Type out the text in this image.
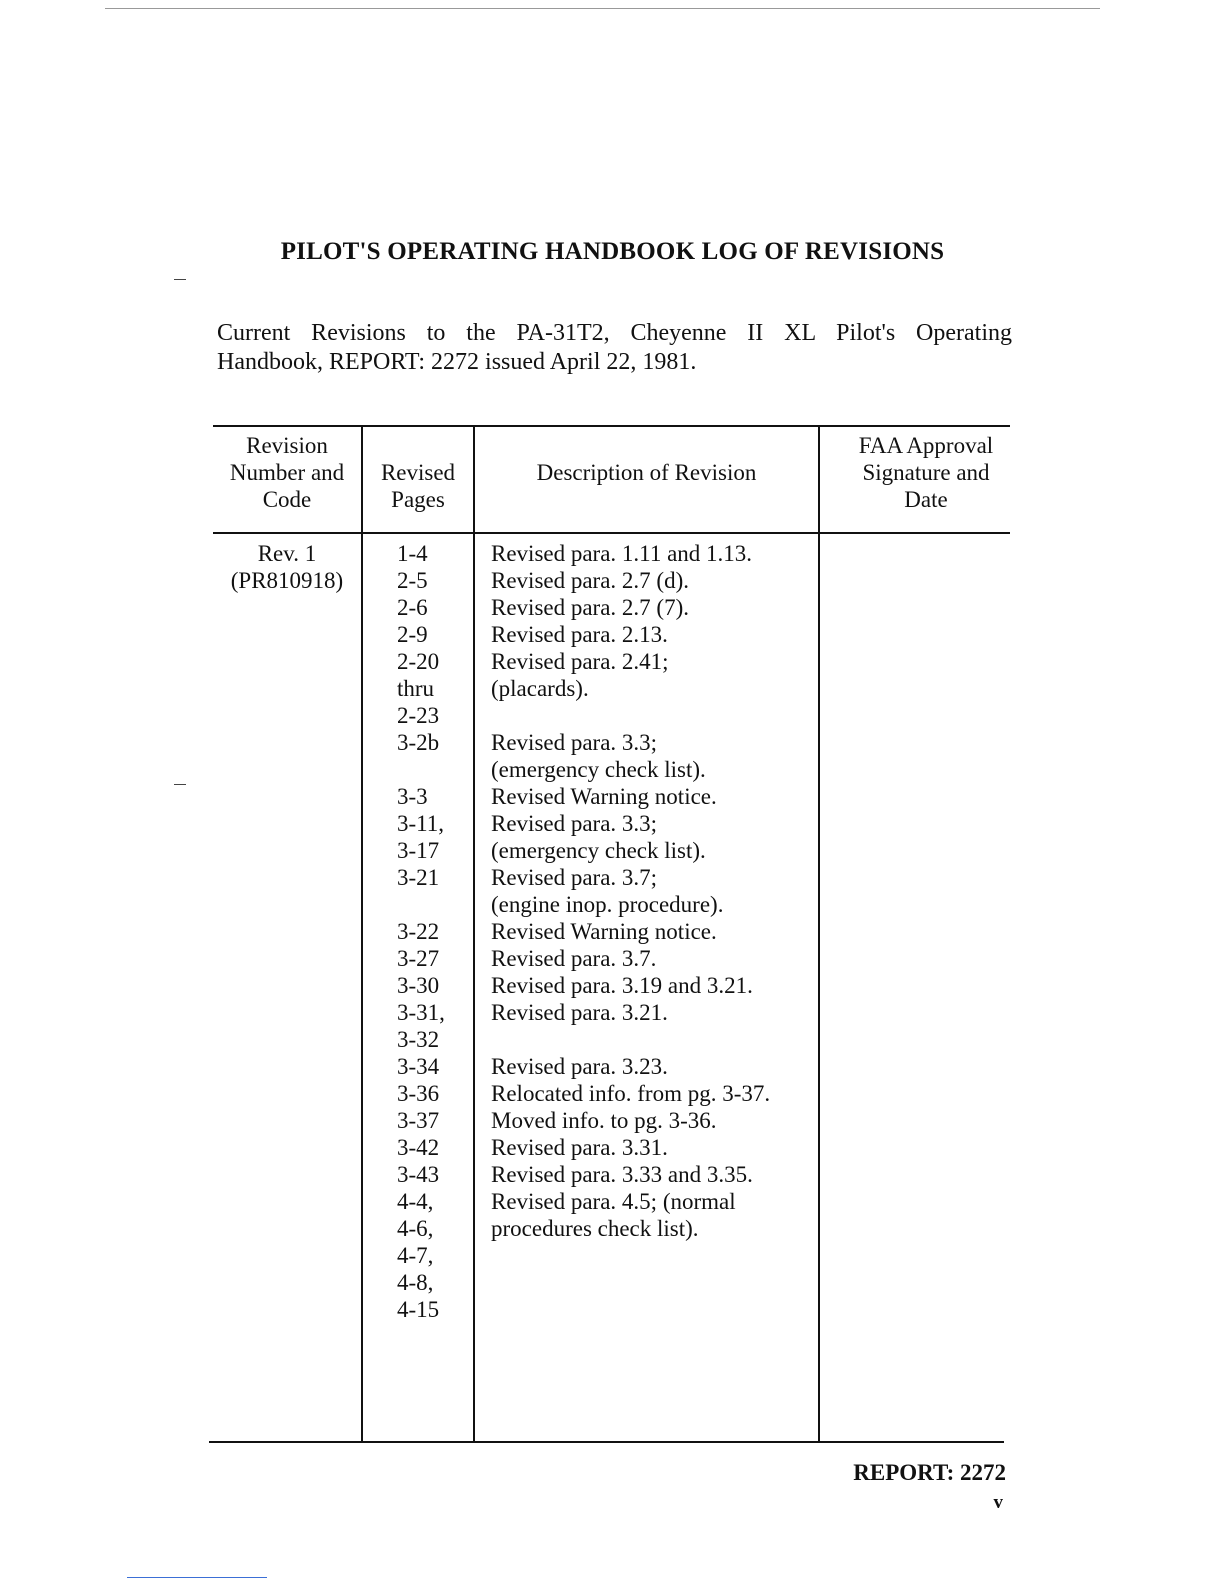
PILOT'S OPERATING HANDBOOK LOG OF REVISIONS
Current Revisions to the PA-31T2, Cheyenne II XL Pilot's Operating
Handbook, REPORT: 2272 issued April 22, 1981.
Revision
Number and
Code
Revised
Pages
Description of Revision
FAA Approval
Signature and
Date
Rev. 1
(PR810918)
1-4
2-5
2-6
2-9
2-20
thru
2-23
3-2b
3-3
3-11,
3-17
3-21
3-22
3-27
3-30
3-31,
3-32
3-34
3-36
3-37
3-42
3-43
4-4,
4-6,
4-7,
4-8,
4-15
Revised para. 1.11 and 1.13.
Revised para. 2.7 (d).
Revised para. 2.7 (7).
Revised para. 2.13.
Revised para. 2.41;
(placards).
Revised para. 3.3;
(emergency check list).
Revised Warning notice.
Revised para. 3.3;
(emergency check list).
Revised para. 3.7;
(engine inop. procedure).
Revised Warning notice.
Revised para. 3.7.
Revised para. 3.19 and 3.21.
Revised para. 3.21.
Revised para. 3.23.
Relocated info. from pg. 3-37.
Moved info. to pg. 3-36.
Revised para. 3.31.
Revised para. 3.33 and 3.35.
Revised para. 4.5; (normal
procedures check list).
REPORT: 2272
v
